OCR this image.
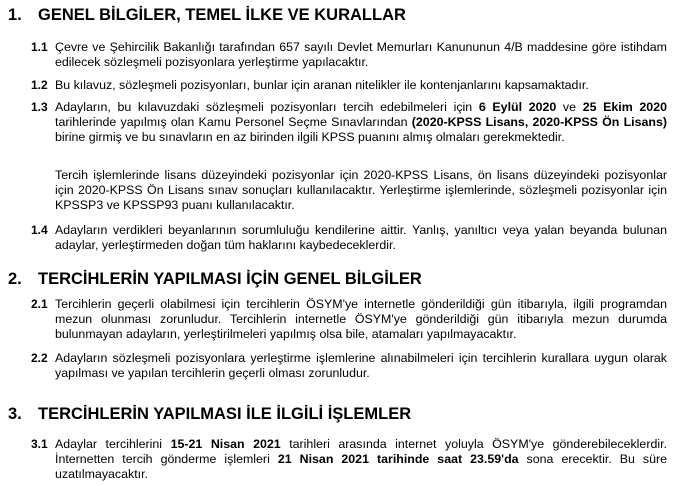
1. GENEL BİLGİLER, TEMEL İLKE VE KURALLAR
1.1 Çevre ve Şehircilik Bakanlığı tarafından 657 sayılı Devlet Memurları Kanununun 4/B maddesine göre istihdam edilecek sözleşmeli pozisyonlara yerleştirme yapılacaktır.
1.2 Bu kılavuz, sözleşmeli pozisyonları, bunlar için aranan nitelikler ile kontenjanlarını kapsamaktadır.
1.3 Adayların, bu kılavuzdaki sözleşmeli pozisyonları tercih edebilmeleri için 6 Eylül 2020 ve 25 Ekim 2020 tarihlerinde yapılmış olan Kamu Personel Seçme Sınavlarından (2020-KPSS Lisans, 2020-KPSS Ön Lisans) birine girmiş ve bu sınavların en az birinden ilgili KPSS puanını almış olmaları gerekmektedir.
Tercih işlemlerinde lisans düzeyindeki pozisyonlar için 2020-KPSS Lisans, ön lisans düzeyindeki pozisyonlar için 2020-KPSS Ön Lisans sınav sonuçları kullanılacaktır. Yerleştirme işlemlerinde, sözleşmeli pozisyonlar için KPSSP3 ve KPSSP93 puanı kullanılacaktır.
1.4 Adayların verdikleri beyanlarının sorumluluğu kendilerine aittir. Yanlış, yanıltıcı veya yalan beyanda bulunan adaylar, yerleştirmeden doğan tüm haklarını kaybedeceklerdir.
2. TERCİHLERİN YAPILMASI İÇİN GENEL BİLGİLER
2.1 Tercihlerin geçerli olabilmesi için tercihlerin ÖSYM'ye internetle gönderildiği gün itibarıyla, ilgili programdan mezun olunması zorunludur. Tercihlerin internetle ÖSYM'ye gönderildiği gün itibarıyla mezun durumda bulunmayan adayların, yerleştirilmeleri yapılmış olsa bile, atamaları yapılmayacaktır.
2.2 Adayların sözleşmeli pozisyonlara yerleştirme işlemlerine alınabilmeleri için tercihlerin kurallara uygun olarak yapılması ve yapılan tercihlerin geçerli olması zorunludur.
3. TERCİHLERİN YAPILMASI İLE İLGİLİ İŞLEMLER
3.1 Adaylar tercihlerini 15-21 Nisan 2021 tarihleri arasında internet yoluyla ÖSYM'ye gönderebileceklerdir. İnternetten tercih gönderme işlemleri 21 Nisan 2021 tarihinde saat 23.59'da sona erecektir. Bu süre uzatılmayacaktır.
